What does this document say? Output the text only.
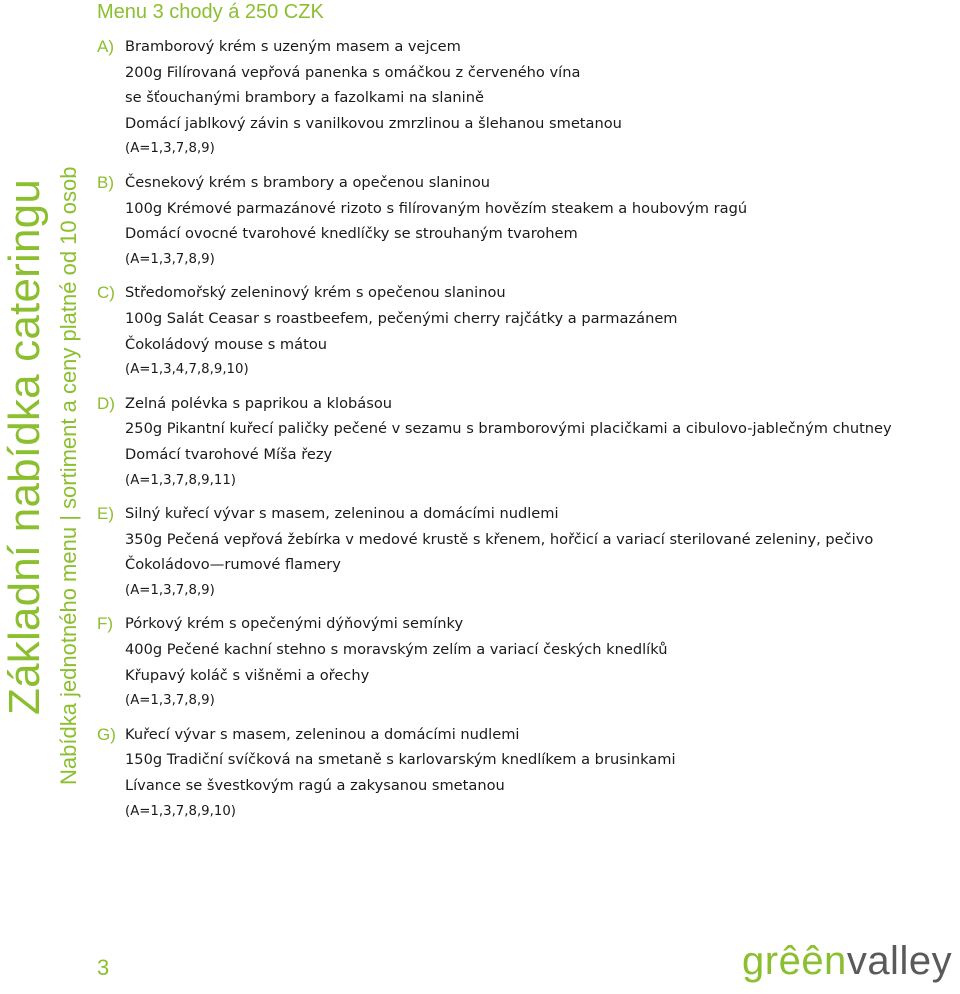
Základní nabídka cateringu Nabídka jednotného menu | sortiment a ceny platné od 10 osob
Menu 3 chody á 250 CZK
A) Bramborový krém s uzeným masem a vejcem
200g Filírovaná vepřová panenka s omáčkou z červeného vína
se šťouchanými brambory a fazolkami na slanině
Domácí jablkový závin s vanilkovou zmrzlinou a šlehanou smetanou
(A=1,3,7,8,9)
B) Česnekový krém s brambory a opečenou slaninou
100g Krémové parmazánové rizoto s filírovaným hovězím steakem a houbovým ragú
Domácí ovocné tvarohové knedlíčky se strouhaným tvarohem
(A=1,3,7,8,9)
C) Středomořský zeleninový krém s opečenou slaninou
100g Salát Ceasar s roastbeefem, pečenými cherry rajčátky a parmazánem
Čokoládový mouse s mátou
(A=1,3,4,7,8,9,10)
D) Zelná polévka s paprikou a klobásou
250g Pikantní kuřecí paličky pečené v sezamu s bramborovými placičkami a cibulovo-jablečným chutney
Domácí tvarohové Míša řezy
(A=1,3,7,8,9,11)
E) Silný kuřecí vývar s masem, zeleninou a domácími nudlemi
350g Pečená vepřová žebírka v medové krustě s křenem, hořčicí a variací sterilované zeleniny, pečivo
Čokoládovo—rumové flamery
(A=1,3,7,8,9)
F) Pórkový krém s opečenými dýňovými semínky
400g Pečené kachní stehno s moravským zelím a variací českých knedlíků
Křupavý koláč s višněmi a ořechy
(A=1,3,7,8,9)
G) Kuřecí vývar s masem, zeleninou a domácími nudlemi
150g Tradiční svíčková na smetaně s karlovarským knedlíkem a brusinkami
Lívance se švestkovým ragú a zakysanou smetanou
(A=1,3,7,8,9,10)
3	grêên valley
